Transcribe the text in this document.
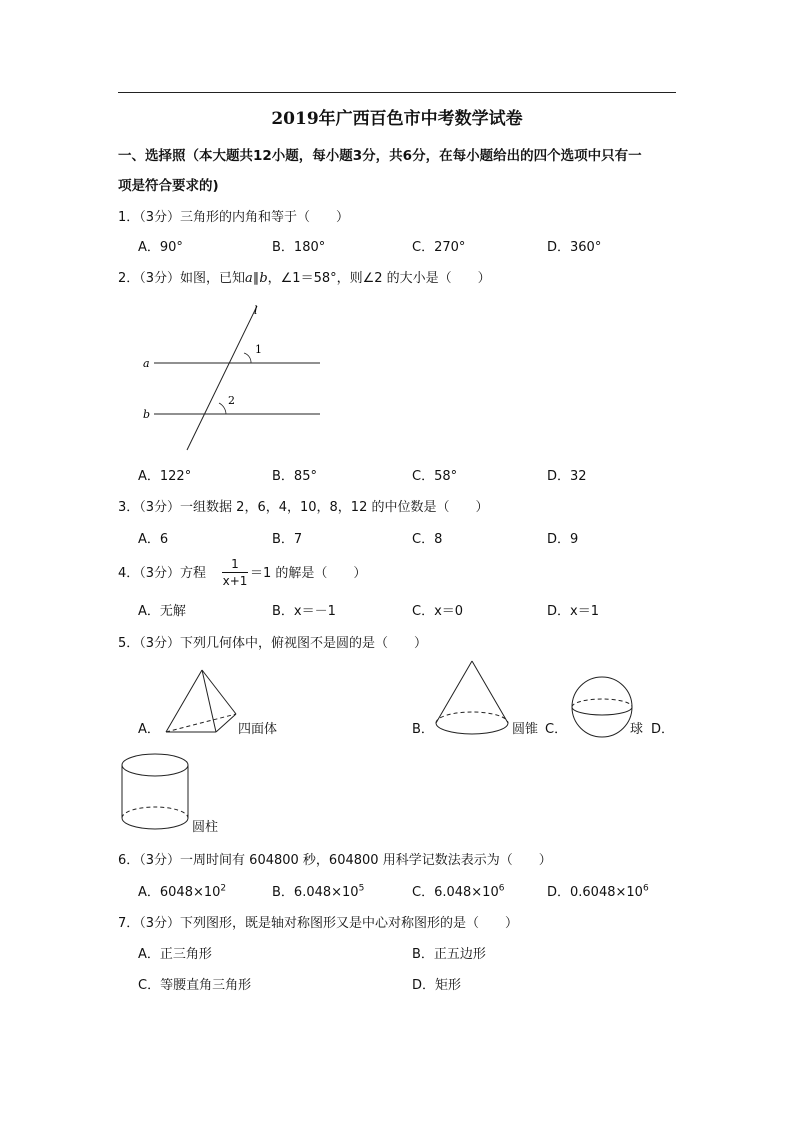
2019年广西百色市中考数学试卷
一、选择照（本大题共12小题，每小题3分，共6分，在每小题给出的四个选项中只有一
项是符合要求的)
1．（3分）三角形的内角和等于（　　）
A．90°	B．180°	C．270°	D．360°
2．（3分）如图，已知a∥b，∠1＝58°，则∠2 的大小是（　　）
l
a
b
1
2
A．122°	B．85°	C．58°	D．32
3．（3分）一组数据 2，6，4，10，8，12 的中位数是（　　）
A．6	B．7	C．8	D．9
4．（3分）方程 $\frac{1}{x+1} =1$ 的解是（　　）
A．无解	B．x＝－1	C．x＝0	D．x＝1
5．（3分）下列几何体中，俯视图不是圆的是（　　）
A．	四面体	B．	圆锥 C．	球 D．
圆柱
6．（3分）一周时间有 604800 秒，604800 用科学记数法表示为（　　）
A．$6048\times 10^2$	B．$6.048\times 10^5$	C．$6.048\times 10^6$	D．$0.6048\times 10^6$
7．（3分）下列图形，既是轴对称图形又是中心对称图形的是（　　）
A．正三角形	B．正五边形
C．等腰直角三角形	D．矩形
